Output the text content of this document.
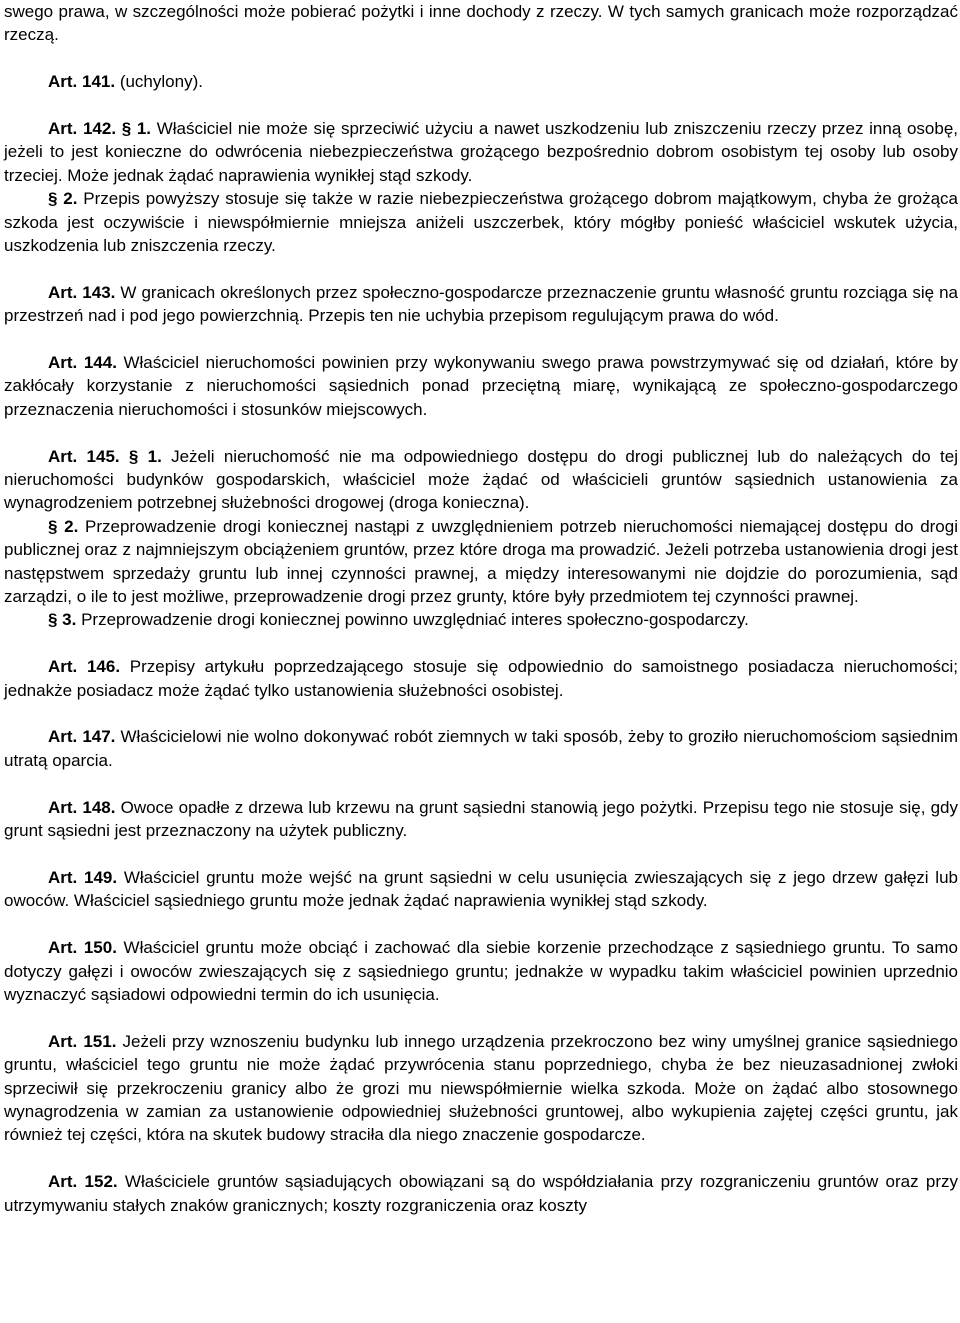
swego prawa, w szczególności może pobierać pożytki i inne dochody z rzeczy. W tych samych granicach może rozporządzać rzeczą.

Art. 141. (uchylony).

Art. 142. § 1. Właściciel nie może się sprzeciwić użyciu a nawet uszkodzeniu lub zniszczeniu rzeczy przez inną osobę, jeżeli to jest konieczne do odwrócenia niebezpieczeństwa grożącego bezpośrednio dobrom osobistym tej osoby lub osoby trzeciej. Może jednak żądać naprawienia wynikłej stąd szkody.

§ 2. Przepis powyższy stosuje się także w razie niebezpieczeństwa grożącego dobrom majątkowym, chyba że grożąca szkoda jest oczywiście i niewspółmiernie mniejsza aniżeli uszczerbek, który mógłby ponieść właściciel wskutek użycia, uszkodzenia lub zniszczenia rzeczy.

Art. 143. W granicach określonych przez społeczno-gospodarcze przeznaczenie gruntu własność gruntu rozciąga się na przestrzeń nad i pod jego powierzchnią. Przepis ten nie uchybia przepisom regulującym prawa do wód.

Art. 144. Właściciel nieruchomości powinien przy wykonywaniu swego prawa powstrzymywać się od działań, które by zakłócały korzystanie z nieruchomości sąsiednich ponad przeciętną miarę, wynikającą ze społeczno-gospodarczego przeznaczenia nieruchomości i stosunków miejscowych.

Art. 145. § 1. Jeżeli nieruchomość nie ma odpowiedniego dostępu do drogi publicznej lub do należących do tej nieruchomości budynków gospodarskich, właściciel może żądać od właścicieli gruntów sąsiednich ustanowienia za wynagrodzeniem potrzebnej służebności drogowej (droga konieczna).

§ 2. Przeprowadzenie drogi koniecznej nastąpi z uwzględnieniem potrzeb nieruchomości niemającej dostępu do drogi publicznej oraz z najmniejszym obciążeniem gruntów, przez które droga ma prowadzić. Jeżeli potrzeba ustanowienia drogi jest następstwem sprzedaży gruntu lub innej czynności prawnej, a między interesowanymi nie dojdzie do porozumienia, sąd zarządzi, o ile to jest możliwe, przeprowadzenie drogi przez grunty, które były przedmiotem tej czynności prawnej.

§ 3. Przeprowadzenie drogi koniecznej powinno uwzględniać interes społeczno-gospodarczy.

Art. 146. Przepisy artykułu poprzedzającego stosuje się odpowiednio do samoistnego posiadacza nieruchomości; jednakże posiadacz może żądać tylko ustanowienia służebności osobistej.

Art. 147. Właścicielowi nie wolno dokonywać robót ziemnych w taki sposób, żeby to groziło nieruchomościom sąsiednim utratą oparcia.

Art. 148. Owoce opadłe z drzewa lub krzewu na grunt sąsiedni stanowią jego pożytki. Przepisu tego nie stosuje się, gdy grunt sąsiedni jest przeznaczony na użytek publiczny.

Art. 149. Właściciel gruntu może wejść na grunt sąsiedni w celu usunięcia zwieszających się z jego drzew gałęzi lub owoców. Właściciel sąsiedniego gruntu może jednak żądać naprawienia wynikłej stąd szkody.

Art. 150. Właściciel gruntu może obciąć i zachować dla siebie korzenie przechodzące z sąsiedniego gruntu. To samo dotyczy gałęzi i owoców zwieszających się z sąsiedniego gruntu; jednakże w wypadku takim właściciel powinien uprzednio wyznaczyć sąsiadowi odpowiedni termin do ich usunięcia.

Art. 151. Jeżeli przy wznoszeniu budynku lub innego urządzenia przekroczono bez winy umyślnej granice sąsiedniego gruntu, właściciel tego gruntu nie może żądać przywrócenia stanu poprzedniego, chyba że bez nieuzasadnionej zwłoki sprzeciwił się przekroczeniu granicy albo że grozi mu niewspółmiernie wielka szkoda. Może on żądać albo stosownego wynagrodzenia w zamian za ustanowienie odpowiedniej służebności gruntowej, albo wykupienia zajętej części gruntu, jak również tej części, która na skutek budowy straciła dla niego znaczenie gospodarcze.

Art. 152. Właściciele gruntów sąsiadujących obowiązani są do współdziałania przy rozgraniczeniu gruntów oraz przy utrzymywaniu stałych znaków granicznych; koszty rozgraniczenia oraz koszty
